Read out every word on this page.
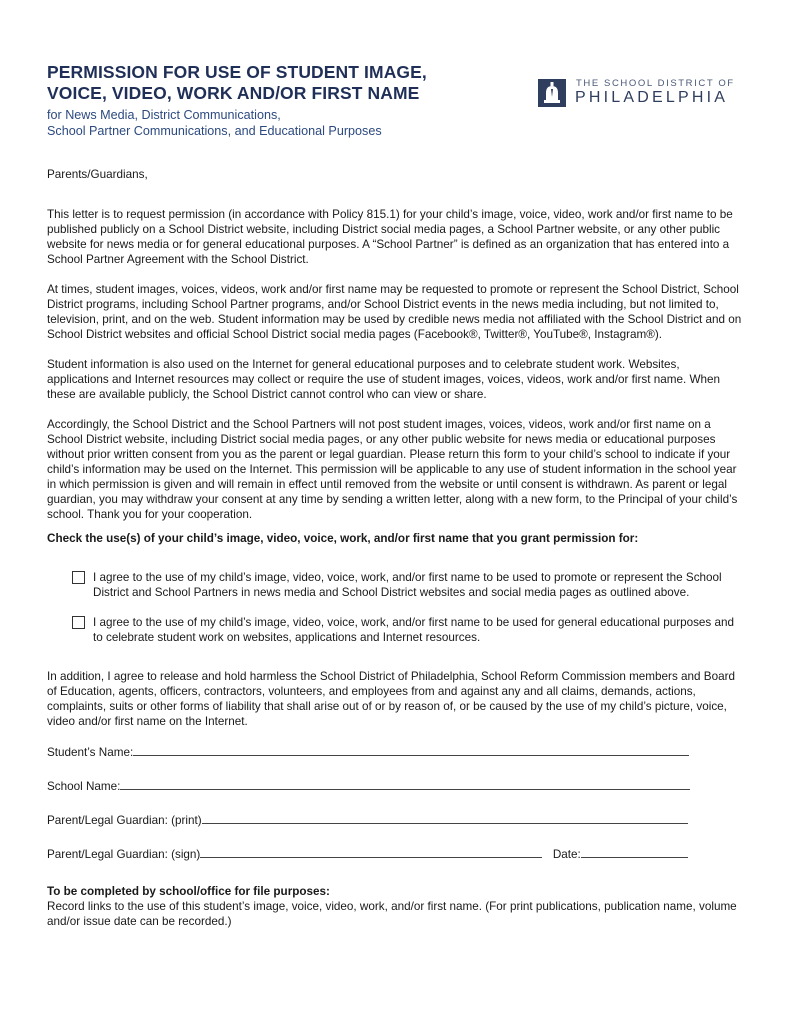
PERMISSION FOR USE OF STUDENT IMAGE,
VOICE, VIDEO, WORK AND/OR FIRST NAME
for News Media, District Communications,
School Partner Communications, and Educational Purposes
THE SCHOOL DISTRICT OF
PHILADELPHIA

Parents/Guardians,

This letter is to request permission (in accordance with Policy 815.1) for your child’s image, voice, video, work and/or first name to be published publicly on a School District website, including District social media pages, a School Partner website, or any other public website for news media or for general educational purposes. A “School Partner” is defined as an organization that has entered into a School Partner Agreement with the School District.

At times, student images, voices, videos, work and/or first name may be requested to promote or represent the School District, School District programs, including School Partner programs, and/or School District events in the news media including, but not limited to, television, print, and on the web. Student information may be used by credible news media not affiliated with the School District and on School District websites and official School District social media pages (Facebook®, Twitter®, YouTube®, Instagram®).

Student information is also used on the Internet for general educational purposes and to celebrate student work. Websites, applications and Internet resources may collect or require the use of student images, voices, videos, work and/or first name. When these are available publicly, the School District cannot control who can view or share.

Accordingly, the School District and the School Partners will not post student images, voices, videos, work and/or first name on a School District website, including District social media pages, or any other public website for news media or educational purposes without prior written consent from you as the parent or legal guardian. Please return this form to your child’s school to indicate if your child’s information may be used on the Internet. This permission will be applicable to any use of student information in the school year in which permission is given and will remain in effect until removed from the website or until consent is withdrawn. As parent or legal guardian, you may withdraw your consent at any time by sending a written letter, along with a new form, to the Principal of your child’s school. Thank you for your cooperation.

Check the use(s) of your child’s image, video, voice, work, and/or first name that you grant permission for:

I agree to the use of my child’s image, video, voice, work, and/or first name to be used to promote or represent the School District and School Partners in news media and School District websites and social media pages as outlined above.
I agree to the use of my child’s image, video, voice, work, and/or first name to be used for general educational purposes and to celebrate student work on websites, applications and Internet resources.

In addition, I agree to release and hold harmless the School District of Philadelphia, School Reform Commission members and Board of Education, agents, officers, contractors, volunteers, and employees from and against any and all claims, demands, actions, complaints, suits or other forms of liability that shall arise out of or by reason of, or be caused by the use of my child’s picture, voice, video and/or first name on the Internet.

Student’s Name:
School Name:
Parent/Legal Guardian: (print)
Parent/Legal Guardian: (sign)	Date:
To be completed by school/office for file purposes:
Record links to the use of this student’s image, voice, video, work, and/or first name. (For print publications, publication name, volume and/or issue date can be recorded.)
